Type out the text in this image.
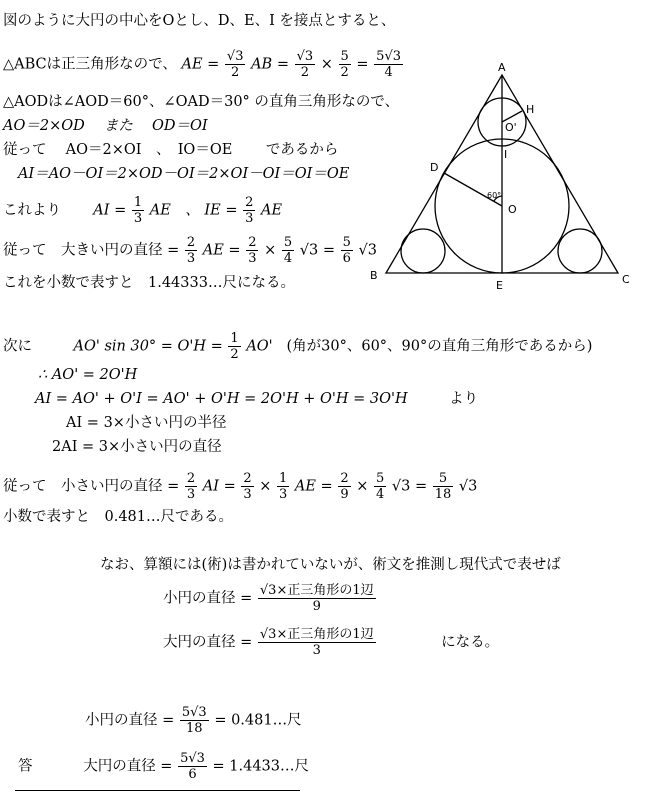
図のように大円の中心をOとし、D、E、I を接点とすると、
△ABCは正三角形なので、 AE = $\frac{√3}{2}$ AB = $\frac{√3}{2} \times \frac{5}{2} = \frac{5√3}{4}$
△AODは∠AOD＝60°、∠OAD＝30° の直角三角形なので、
AO＝2×OD　 また　 OD＝OI
従って　 AO＝2×OI　、　IO＝OE　　 であるから
AI＝AO－OI＝2×OD－OI＝2×OI－OI＝OI＝OE
これより AI = $\frac{1}{3}$ AE　、 IE = $\frac{2}{3}$ AE
従って　大きい円の直径 = $\frac{2}{3}$ AE = $\frac{2}{3} \times \frac{5}{4} √3 = \frac{5}{6} √3$
これを小数で表すと　1.44333…尺になる。
次に	AO' $\sin 30^\circ = O'H = \frac{1}{2} AO'$ (角が30°、60°、90°の直角三角形であるから)
∴ AO' = 2O'H
AI = AO' + O'I = AO' + O'H = 2O'H + O'H = 3O'H	より
AI = 3×小さい円の半径
2AI = 3×小さい円の直径
従って　小さい円の直径 = $\frac{2}{3}$ AI = $\frac{2}{3} \times \frac{1}{3}$ AE = $\frac{2}{9} \times \frac{5}{4} √3 = \frac{5}{18} √3$
小数で表すと　0.481…尺である。
なお、算額には(術)は書かれていないが、術文を推測し現代式で表せば
小円の直径 = $\frac{\text{√3×正三角形の1辺}}{9}$
大円の直径 = $\frac{\text{√3×正三角形の1辺}}{3}$	になる。
小円の直径 = $\frac{5√3}{18}$ = 0.481…尺
答	大円の直径 = $\frac{5√3}{6}$ = 1.4433…尺
A
B	C
D
E
H
I
O
O'
60°
